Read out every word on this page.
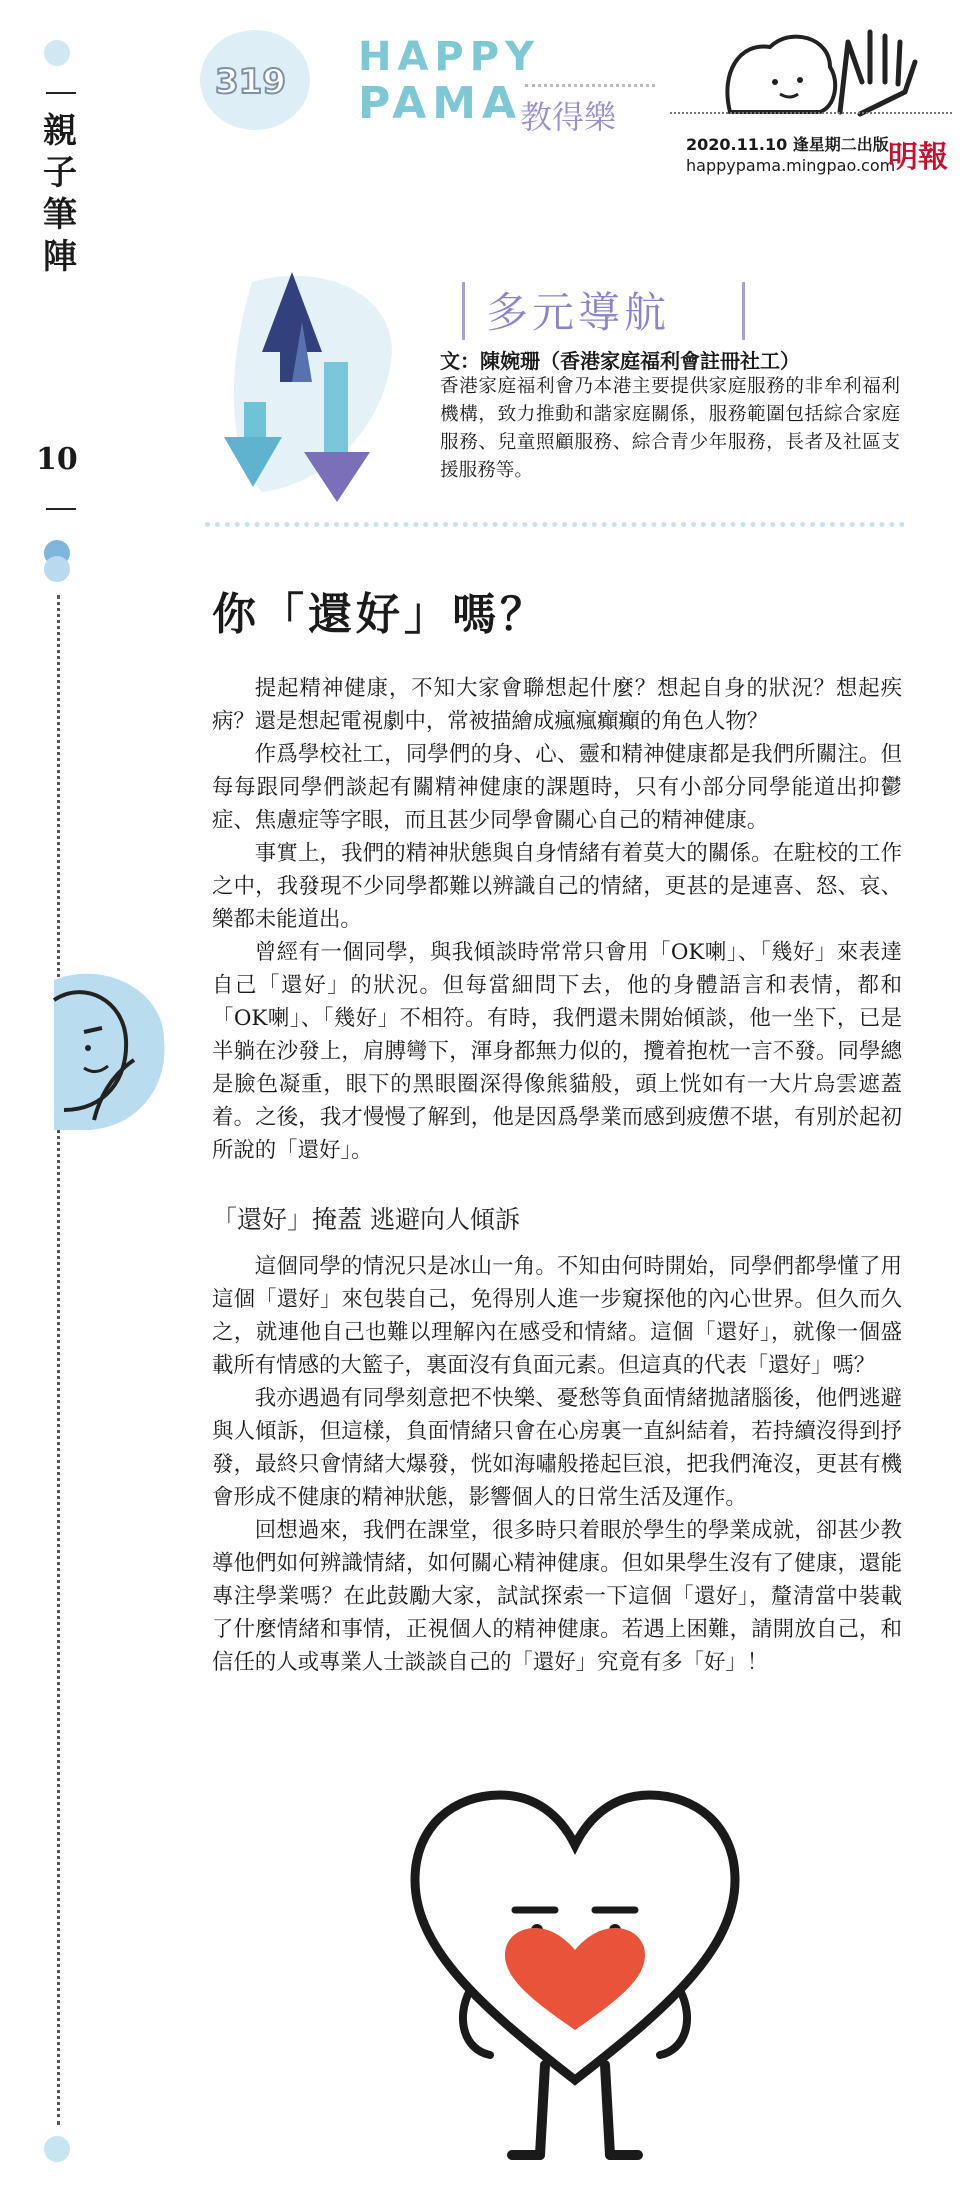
親子筆陣
10
319
HAPPY
PAMA
教得樂
2020.11.10 逢星期二出版
happypama.mingpao.com
明報
多元導航
文：陳婉珊（香港家庭福利會註冊社工）
香港家庭福利會乃本港主要提供家庭服務的非牟利福利機構，致力推動和諧家庭關係，服務範圍包括綜合家庭服務、兒童照顧服務、綜合青少年服務，長者及社區支援服務等。
你「還好」嗎？

提起精神健康，不知大家會聯想起什麼？想起自身的狀況？想起疾病？還是想起電視劇中，常被描繪成瘋瘋癲癲的角色人物？

作爲學校社工，同學們的身、心、靈和精神健康都是我們所關注。但每每跟同學們談起有關精神健康的課題時，只有小部分同學能道出抑鬱症、焦慮症等字眼，而且甚少同學會關心自己的精神健康。

事實上，我們的精神狀態與自身情緒有着莫大的關係。在駐校的工作之中，我發現不少同學都難以辨識自己的情緒，更甚的是連喜、怒、哀、樂都未能道出。

曾經有一個同學，與我傾談時常常只會用「OK喇」、「幾好」來表達自己「還好」的狀況。但每當細問下去，他的身體語言和表情，都和「OK喇」、「幾好」不相符。有時，我們還未開始傾談，他一坐下，已是半躺在沙發上，肩膊彎下，渾身都無力似的，攬着抱枕一言不發。同學總是臉色凝重，眼下的黑眼圈深得像熊貓般，頭上恍如有一大片烏雲遮蓋着。之後，我才慢慢了解到，他是因爲學業而感到疲憊不堪，有別於起初所說的「還好」。

「還好」掩蓋 逃避向人傾訴

這個同學的情況只是冰山一角。不知由何時開始，同學們都學懂了用這個「還好」來包裝自己，免得別人進一步窺探他的內心世界。但久而久之，就連他自己也難以理解內在感受和情緒。這個「還好」，就像一個盛載所有情感的大籃子，裏面沒有負面元素。但這真的代表「還好」嗎？

我亦遇過有同學刻意把不快樂、憂愁等負面情緒拋諸腦後，他們逃避與人傾訴，但這樣，負面情緒只會在心房裏一直糾結着，若持續沒得到抒發，最終只會情緒大爆發，恍如海嘯般捲起巨浪，把我們淹沒，更甚有機會形成不健康的精神狀態，影響個人的日常生活及運作。

回想過來，我們在課堂，很多時只着眼於學生的學業成就，卻甚少教導他們如何辨識情緒，如何關心精神健康。但如果學生沒有了健康，還能專注學業嗎？在此鼓勵大家，試試探索一下這個「還好」，釐清當中裝載了什麼情緒和事情，正視個人的精神健康。若遇上困難，請開放自己，和信任的人或專業人士談談自己的「還好」究竟有多「好」！
